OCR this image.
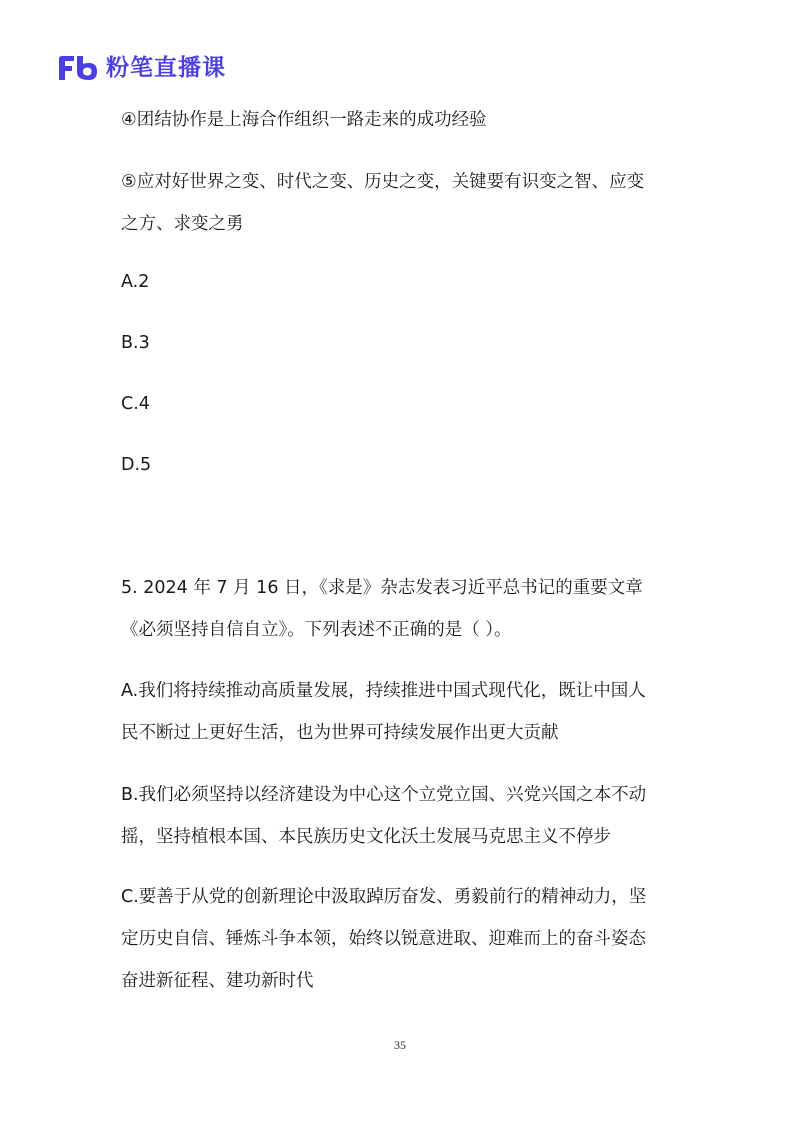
粉笔直播课
④团结协作是上海合作组织一路走来的成功经验
⑤应对好世界之变、时代之变、历史之变，关键要有识变之智、应变
之方、求变之勇
A.2
B.3
C.4
D.5
5. 2024 年 7 月 16 日，《求是》杂志发表习近平总书记的重要文章
《必须坚持自信自立》。下列表述不正确的是（ ）。
A.我们将持续推动高质量发展，持续推进中国式现代化，既让中国人
民不断过上更好生活，也为世界可持续发展作出更大贡献
B.我们必须坚持以经济建设为中心这个立党立国、兴党兴国之本不动
摇，坚持植根本国、本民族历史文化沃土发展马克思主义不停步
C.要善于从党的创新理论中汲取踔厉奋发、勇毅前行的精神动力，坚
定历史自信、锤炼斗争本领，始终以锐意进取、迎难而上的奋斗姿态
奋进新征程、建功新时代
35
